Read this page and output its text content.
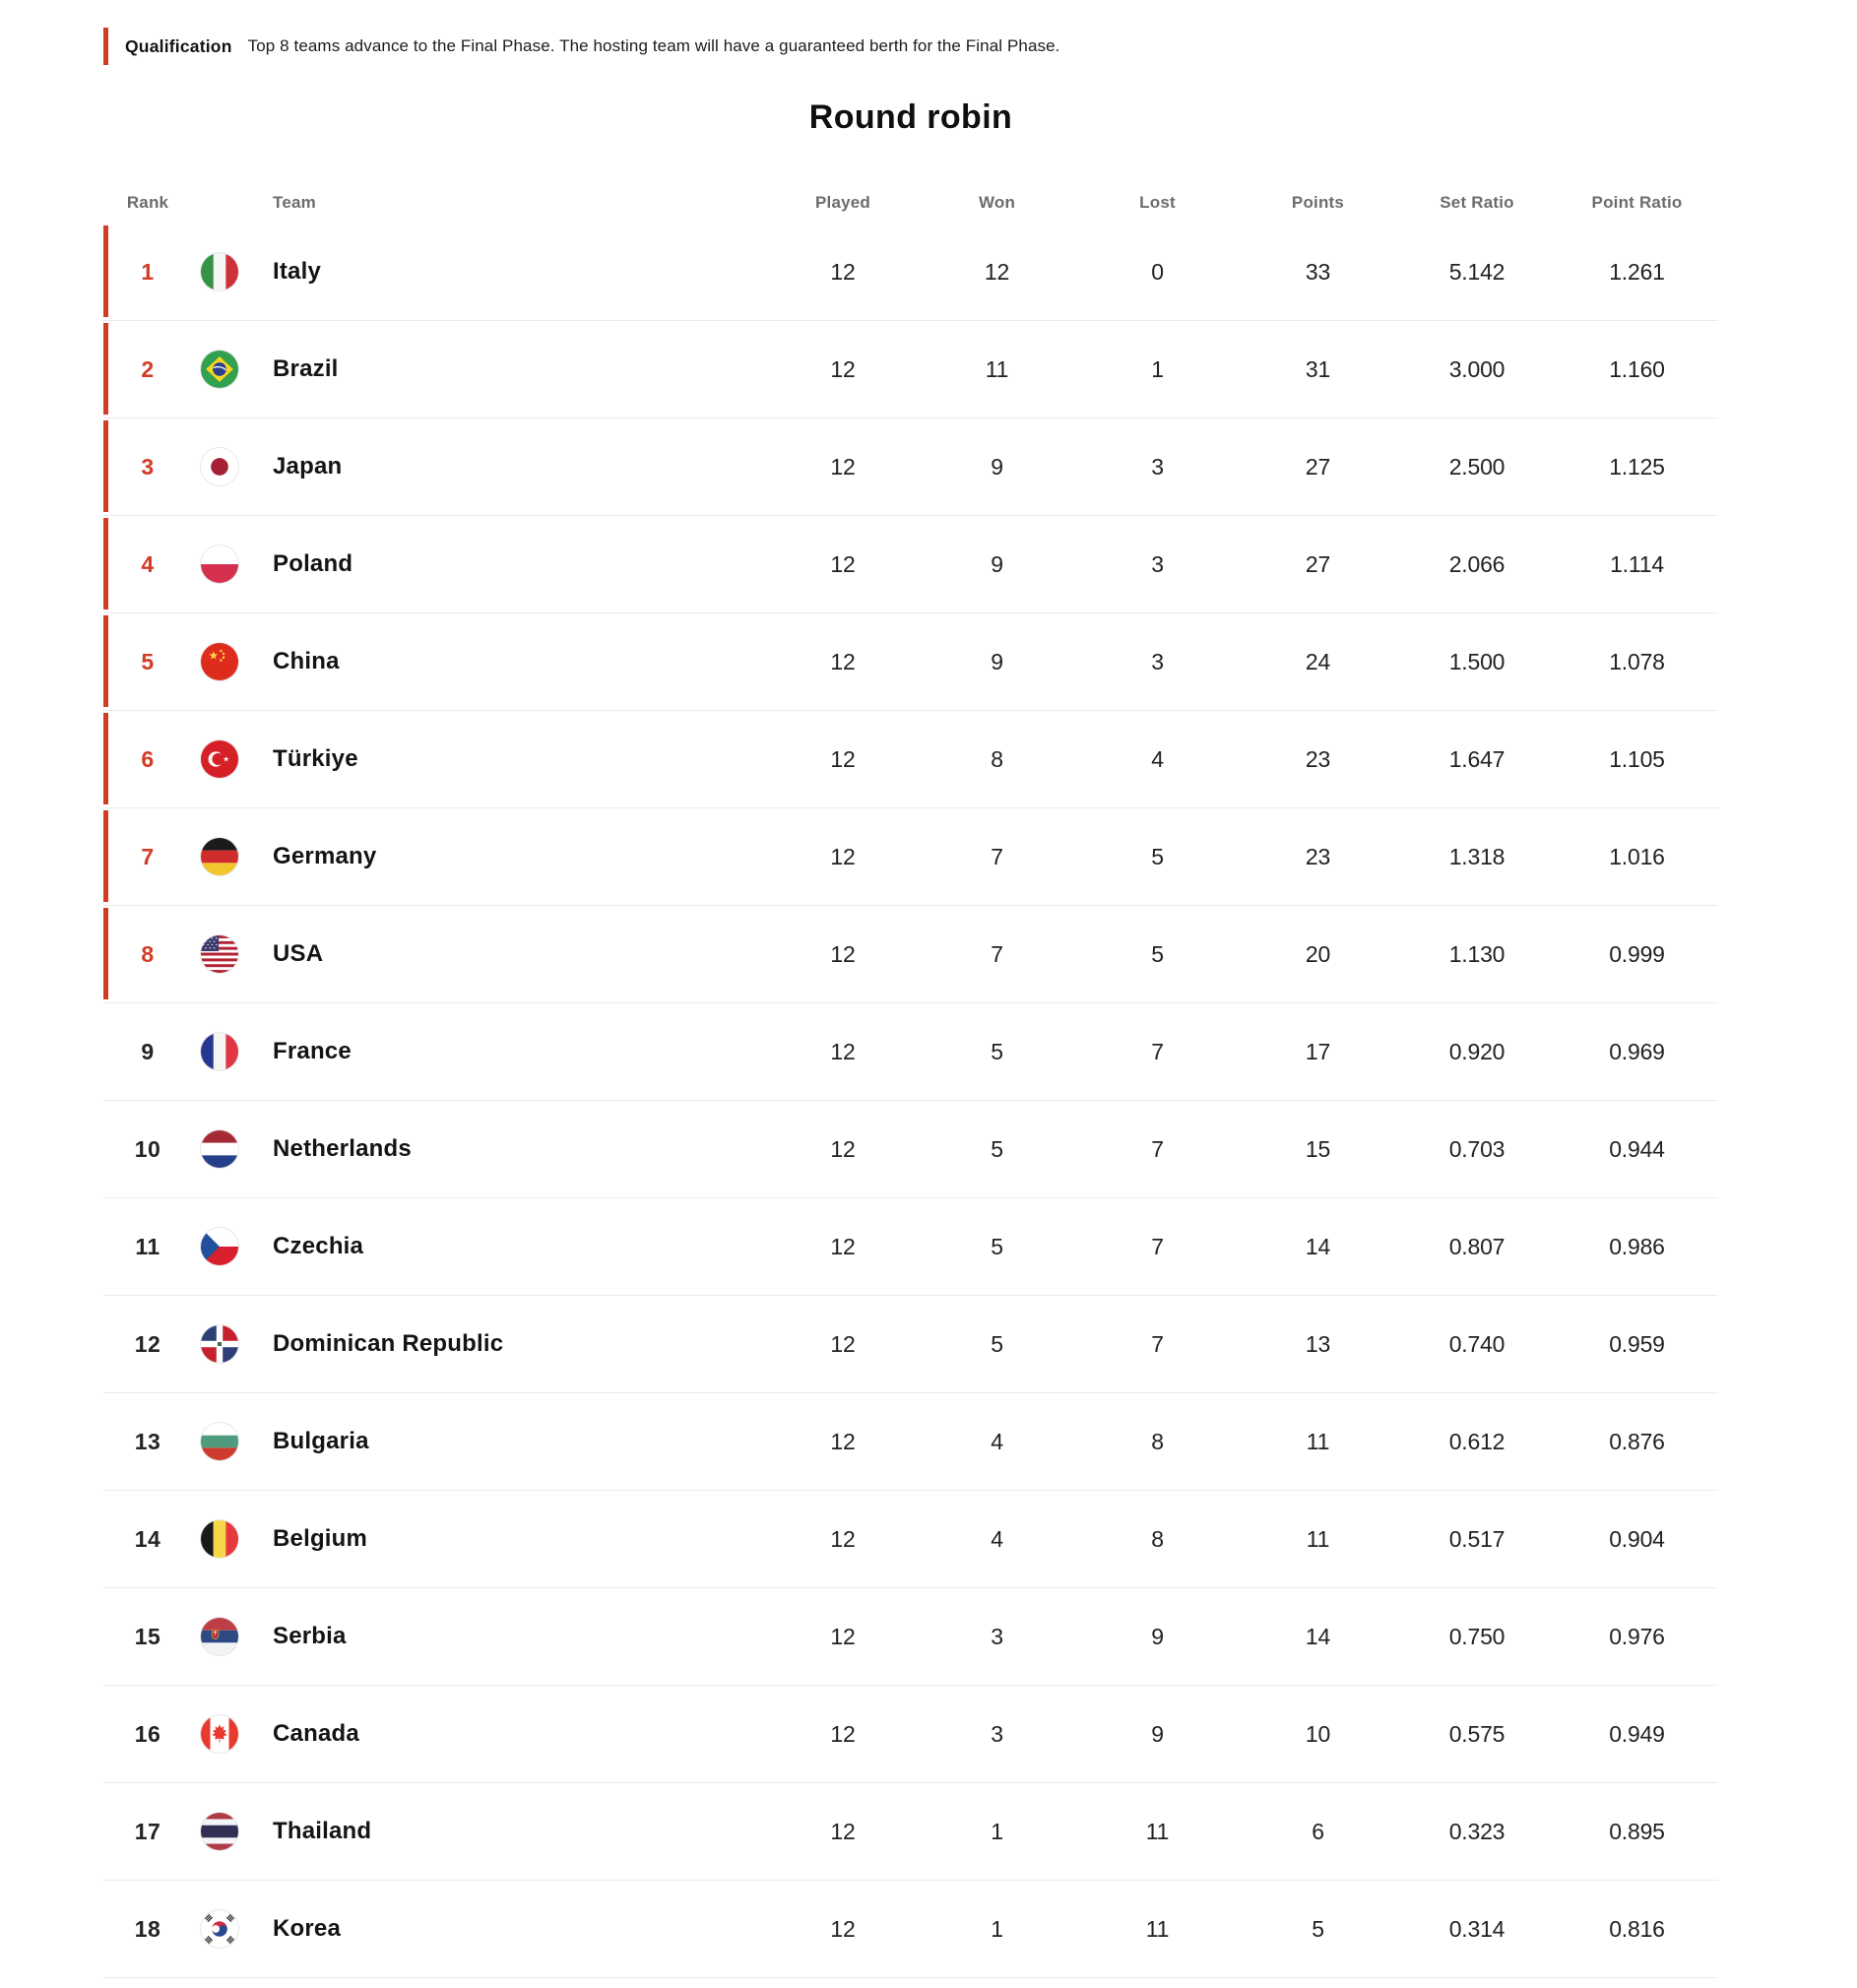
Qualification Top 8 teams advance to the Final Phase. The hosting team will have a guaranteed berth for the Final Phase.
Round robin
Rank	Team	Played	Won	Lost	Points	Set Ratio	Point Ratio
1	Italy	12	12	0	33	5.142	1.261
2	Brazil	12	11	1	31	3.000	1.160
3	Japan	12	9	3	27	2.500	1.125
4	Poland	12	9	3	27	2.066	1.114
5	China	12	9	3	24	1.500	1.078
6	Türkiye	12	8	4	23	1.647	1.105
7	Germany	12	7	5	23	1.318	1.016
8	USA	12	7	5	20	1.130	0.999
9	France	12	5	7	17	0.920	0.969
10	Netherlands	12	5	7	15	0.703	0.944
11	Czechia	12	5	7	14	0.807	0.986
12	Dominican Republic	12	5	7	13	0.740	0.959
13	Bulgaria	12	4	8	11	0.612	0.876
14	Belgium	12	4	8	11	0.517	0.904
15	Serbia	12	3	9	14	0.750	0.976
16	Canada	12	3	9	10	0.575	0.949
17	Thailand	12	1	11	6	0.323	0.895
18	Korea	12	1	11	5	0.314	0.816
